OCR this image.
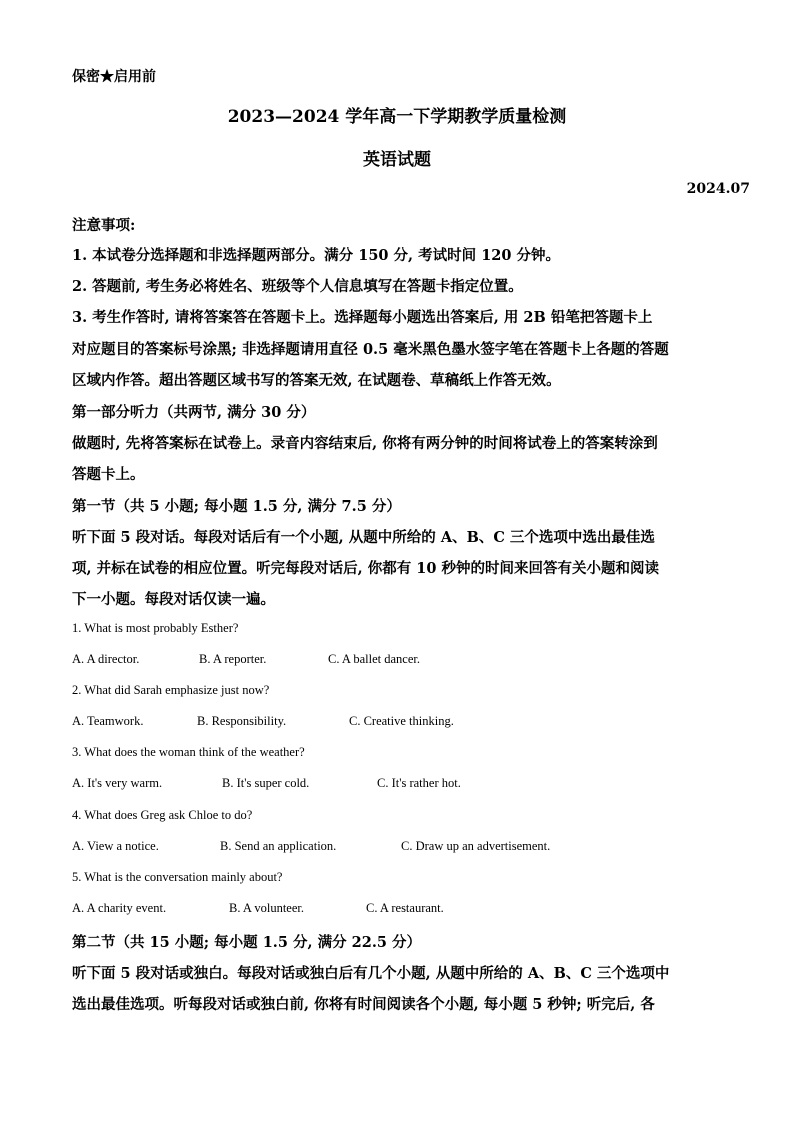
保密★启用前
2023—2024 学年高一下学期教学质量检测
英语试题
2024.07
注意事项:
1. 本试卷分选择题和非选择题两部分。满分 150 分, 考试时间 120 分钟。
2. 答题前, 考生务必将姓名、班级等个人信息填写在答题卡指定位置。
3. 考生作答时, 请将答案答在答题卡上。选择题每小题选出答案后, 用 2B 铅笔把答题卡上
对应题目的答案标号涂黑; 非选择题请用直径 0.5 毫米黑色墨水签字笔在答题卡上各题的答题
区域内作答。超出答题区域书写的答案无效, 在试题卷、草稿纸上作答无效。
第一部分听力（共两节, 满分 30 分）
做题时, 先将答案标在试卷上。录音内容结束后, 你将有两分钟的时间将试卷上的答案转涂到
答题卡上。
第一节（共 5 小题; 每小题 1.5 分, 满分 7.5 分）
听下面 5 段对话。每段对话后有一个小题, 从题中所给的 A、B、C 三个选项中选出最佳选
项, 并标在试卷的相应位置。听完每段对话后, 你都有 10 秒钟的时间来回答有关小题和阅读
下一小题。每段对话仅读一遍。
1. What is most probably Esther?
A. A director.	B. A reporter.	C. A ballet dancer.
2. What did Sarah emphasize just now?
A. Teamwork.	B. Responsibility.	C. Creative thinking.
3. What does the woman think of the weather?
A. It's very warm.	B. It's super cold.	C. It's rather hot.
4. What does Greg ask Chloe to do?
A. View a notice.	B. Send an application.	C. Draw up an advertisement.
5. What is the conversation mainly about?
A. A charity event.	B. A volunteer.	C. A restaurant.
第二节（共 15 小题; 每小题 1.5 分, 满分 22.5 分）
听下面 5 段对话或独白。每段对话或独白后有几个小题, 从题中所给的 A、B、C 三个选项中
选出最佳选项。听每段对话或独白前, 你将有时间阅读各个小题, 每小题 5 秒钟; 听完后, 各
